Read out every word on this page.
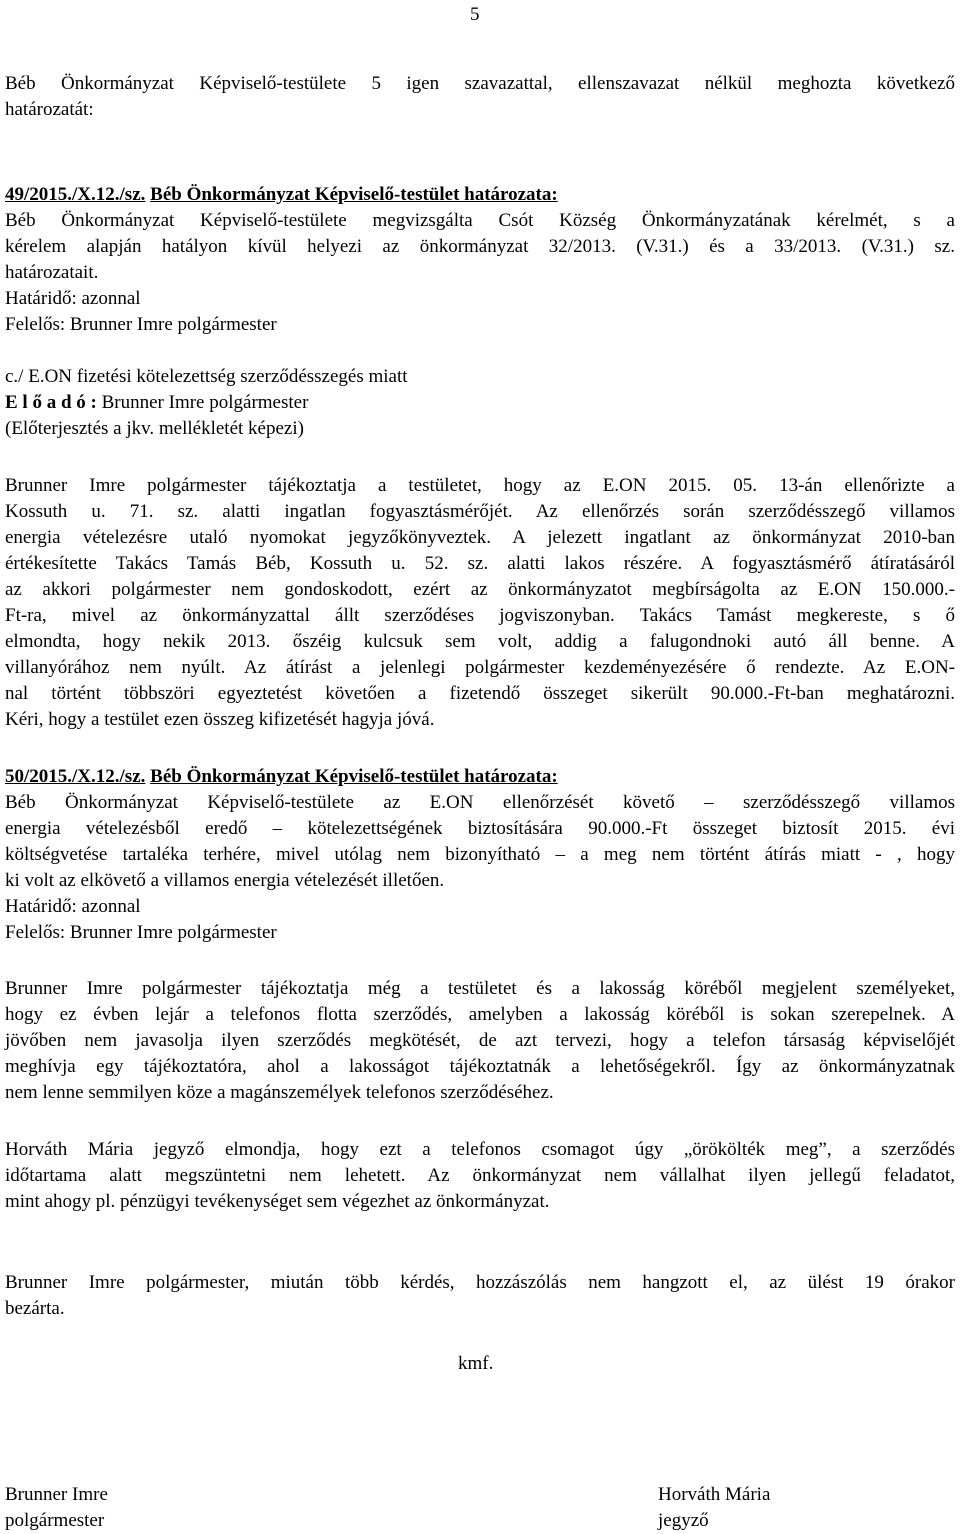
5
Béb Önkormányzat Képviselő-testülete 5 igen szavazattal, ellenszavazat nélkül meghozta következő
határozatát:
49/2015./X.12./sz. Béb Önkormányzat Képviselő-testület határozata:
Béb Önkormányzat Képviselő-testülete megvizsgálta Csót Község Önkormányzatának kérelmét, s a
kérelem alapján hatályon kívül helyezi az önkormányzat 32/2013. (V.31.) és a 33/2013. (V.31.) sz.
határozatait.
Határidő: azonnal
Felelős: Brunner Imre polgármester
c./ E.ON fizetési kötelezettség szerződésszegés miatt
E l ő a d ó : Brunner Imre polgármester
(Előterjesztés a jkv. mellékletét képezi)
Brunner Imre polgármester tájékoztatja a testületet, hogy az E.ON 2015. 05. 13-án ellenőrizte a
Kossuth u. 71. sz. alatti ingatlan fogyasztásmérőjét. Az ellenőrzés során szerződésszegő villamos
energia vételezésre utaló nyomokat jegyzőkönyveztek. A jelezett ingatlant az önkormányzat 2010-ban
értékesítette Takács Tamás Béb, Kossuth u. 52. sz. alatti lakos részére. A fogyasztásmérő átíratásáról
az akkori polgármester nem gondoskodott, ezért az önkormányzatot megbírságolta az E.ON 150.000.-
Ft-ra, mivel az önkormányzattal állt szerződéses jogviszonyban. Takács Tamást megkereste, s ő
elmondta, hogy nekik 2013. őszéig kulcsuk sem volt, addig a falugondnoki autó áll benne. A
villanyórához nem nyúlt. Az átírást a jelenlegi polgármester kezdeményezésére ő rendezte. Az E.ON-
nal történt többszöri egyeztetést követően a fizetendő összeget sikerült 90.000.-Ft-ban meghatározni.
Kéri, hogy a testület ezen összeg kifizetését hagyja jóvá.
50/2015./X.12./sz. Béb Önkormányzat Képviselő-testület határozata:
Béb Önkormányzat Képviselő-testülete az E.ON ellenőrzését követő – szerződésszegő villamos
energia vételezésből eredő – kötelezettségének biztosítására 90.000.-Ft összeget biztosít 2015. évi
költségvetése tartaléka terhére, mivel utólag nem bizonyítható – a meg nem történt átírás miatt - , hogy
ki volt az elkövető a villamos energia vételezését illetően.
Határidő: azonnal
Felelős: Brunner Imre polgármester
Brunner Imre polgármester tájékoztatja még a testületet és a lakosság köréből megjelent személyeket,
hogy ez évben lejár a telefonos flotta szerződés, amelyben a lakosság köréből is sokan szerepelnek. A
jövőben nem javasolja ilyen szerződés megkötését, de azt tervezi, hogy a telefon társaság képviselőjét
meghívja egy tájékoztatóra, ahol a lakosságot tájékoztatnák a lehetőségekről. Így az önkormányzatnak
nem lenne semmilyen köze a magánszemélyek telefonos szerződéséhez.
Horváth Mária jegyző elmondja, hogy ezt a telefonos csomagot úgy „örökölték meg”, a szerződés
időtartama alatt megszüntetni nem lehetett. Az önkormányzat nem vállalhat ilyen jellegű feladatot,
mint ahogy pl. pénzügyi tevékenységet sem végezhet az önkormányzat.
Brunner Imre polgármester, miután több kérdés, hozzászólás nem hangzott el, az ülést 19 órakor
bezárta.
kmf.
Brunner Imre
polgármester
Horváth Mária
jegyző
